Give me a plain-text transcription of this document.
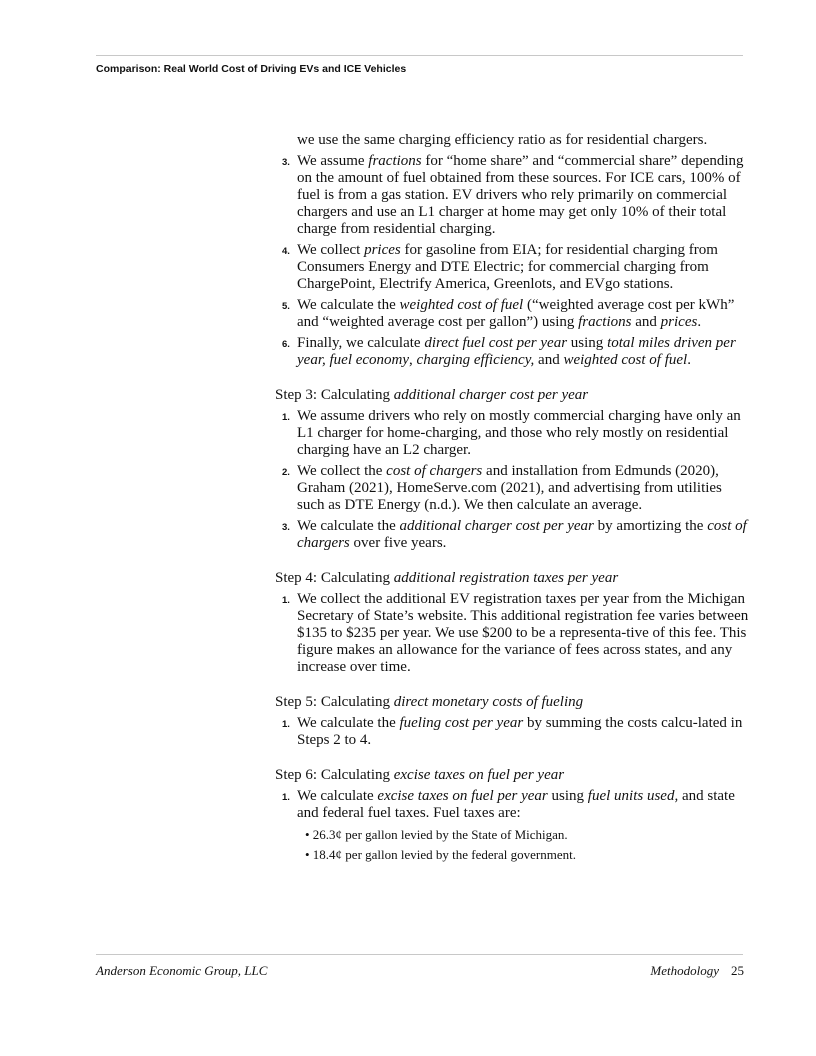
Comparison: Real World Cost of Driving EVs and ICE Vehicles
we use the same charging efficiency ratio as for residential chargers.
3. We assume fractions for “home share” and “commercial share” depending on the amount of fuel obtained from these sources. For ICE cars, 100% of fuel is from a gas station. EV drivers who rely primarily on commercial chargers and use an L1 charger at home may get only 10% of their total charge from residential charging.
4. We collect prices for gasoline from EIA; for residential charging from Consumers Energy and DTE Electric; for commercial charging from ChargePoint, Electrify America, Greenlots, and EVgo stations.
5. We calculate the weighted cost of fuel (“weighted average cost per kWh” and “weighted average cost per gallon”) using fractions and prices.
6. Finally, we calculate direct fuel cost per year using total miles driven per year, fuel economy, charging efficiency, and weighted cost of fuel.
Step 3: Calculating additional charger cost per year
1. We assume drivers who rely on mostly commercial charging have only an L1 charger for home-charging, and those who rely mostly on residential charging have an L2 charger.
2. We collect the cost of chargers and installation from Edmunds (2020), Graham (2021), HomeServe.com (2021), and advertising from utilities such as DTE Energy (n.d.). We then calculate an average.
3. We calculate the additional charger cost per year by amortizing the cost of chargers over five years.
Step 4: Calculating additional registration taxes per year
1. We collect the additional EV registration taxes per year from the Michigan Secretary of State’s website. This additional registration fee varies between $135 to $235 per year. We use $200 to be a representa-tive of this fee. This figure makes an allowance for the variance of fees across states, and any increase over time.
Step 5: Calculating direct monetary costs of fueling
1. We calculate the fueling cost per year by summing the costs calcu-lated in Steps 2 to 4.
Step 6: Calculating excise taxes on fuel per year
1. We calculate excise taxes on fuel per year using fuel units used, and state and federal fuel taxes. Fuel taxes are:
• 26.3¢ per gallon levied by the State of Michigan.
• 18.4¢ per gallon levied by the federal government.
Anderson Economic Group, LLC	Methodology 25
